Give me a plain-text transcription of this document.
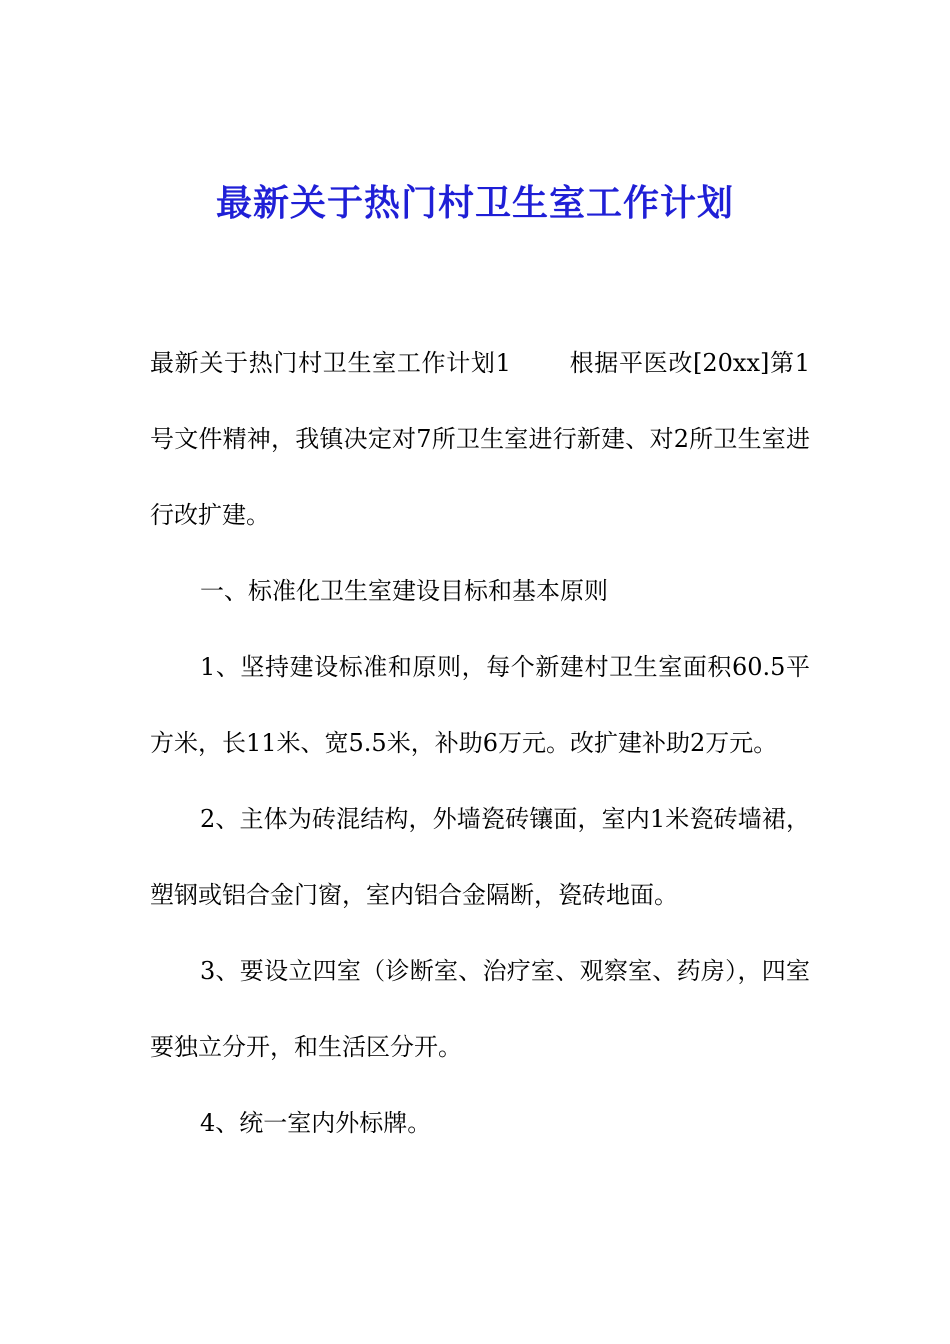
最新关于热门村卫生室工作计划

最新关于热门村卫生室工作计划1 根据平医改[20xx]第1号文件精神，我镇决定对7所卫生室进行新建、对2所卫生室进行改扩建。

一、标准化卫生室建设目标和基本原则

1、坚持建设标准和原则，每个新建村卫生室面积60.5平方米，长11米、宽5.5米，补助6万元。改扩建补助2万元。

2、主体为砖混结构，外墙瓷砖镶面，室内1米瓷砖墙裙，塑钢或铝合金门窗，室内铝合金隔断，瓷砖地面。

3、要设立四室（诊断室、治疗室、观察室、药房），四室要独立分开，和生活区分开。

4、统一室内外标牌。
